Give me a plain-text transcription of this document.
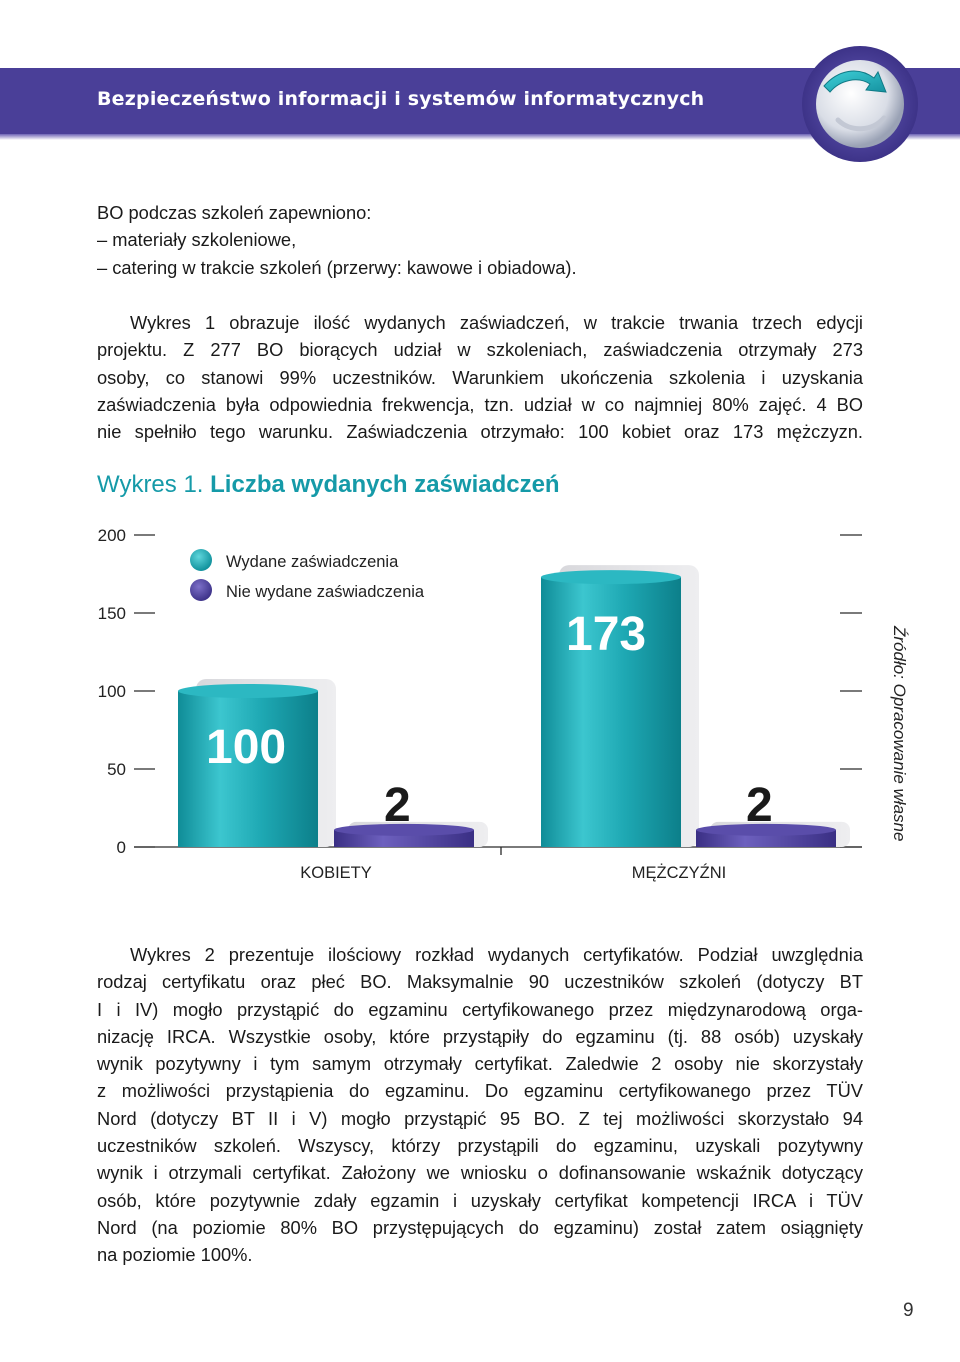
Bezpieczeństwo informacji i systemów informatycznych
BO podczas szkoleń zapewniono:
– materiały szkoleniowe,
– catering w trakcie szkoleń (przerwy: kawowe i obiadowa).
Wykres 1 obrazuje ilość wydanych zaświadczeń, w trakcie trwania trzech edycji
projektu. Z 277 BO biorących udział w szkoleniach, zaświadczenia otrzymały 273
osoby, co stanowi 99% uczestników. Warunkiem ukończenia szkolenia i uzyskania
zaświadczenia była odpowiednia frekwencja, tzn. udział w co najmniej 80% zajęć. 4 BO
nie spełniło tego warunku. Zaświadczenia otrzymało: 100 kobiet oraz 173 mężczyzn.
Wykres 1. Liczba wydanych zaświadczeń
200
150
100
50
0
100
2
173
2
Wydane zaświadczenia
Nie wydane zaświadczenia
KOBIETY	MĘŻCZYŹNI
Źródło: Opracowanie własne
Wykres 2 prezentuje ilościowy rozkład wydanych certyfikatów. Podział uwzględnia
rodzaj certyfikatu oraz płeć BO. Maksymalnie 90 uczestników szkoleń (dotyczy BT
I i IV) mogło przystąpić do egzaminu certyfikowanego przez międzynarodową orga-
nizację IRCA. Wszystkie osoby, które przystąpiły do egzaminu (tj. 88 osób) uzyskały
wynik pozytywny i tym samym otrzymały certyfikat. Zaledwie 2 osoby nie skorzystały
z możliwości przystąpienia do egzaminu. Do egzaminu certyfikowanego przez TÜV
Nord (dotyczy BT II i V) mogło przystąpić 95 BO. Z tej możliwości skorzystało 94
uczestników szkoleń. Wszyscy, którzy przystąpili do egzaminu, uzyskali pozytywny
wynik i otrzymali certyfikat. Założony we wniosku o dofinansowanie wskaźnik dotyczący
osób, które pozytywnie zdały egzamin i uzyskały certyfikat kompetencji IRCA i TÜV
Nord (na poziomie 80% BO przystępujących do egzaminu) został zatem osiągnięty
na poziomie 100%.
9
